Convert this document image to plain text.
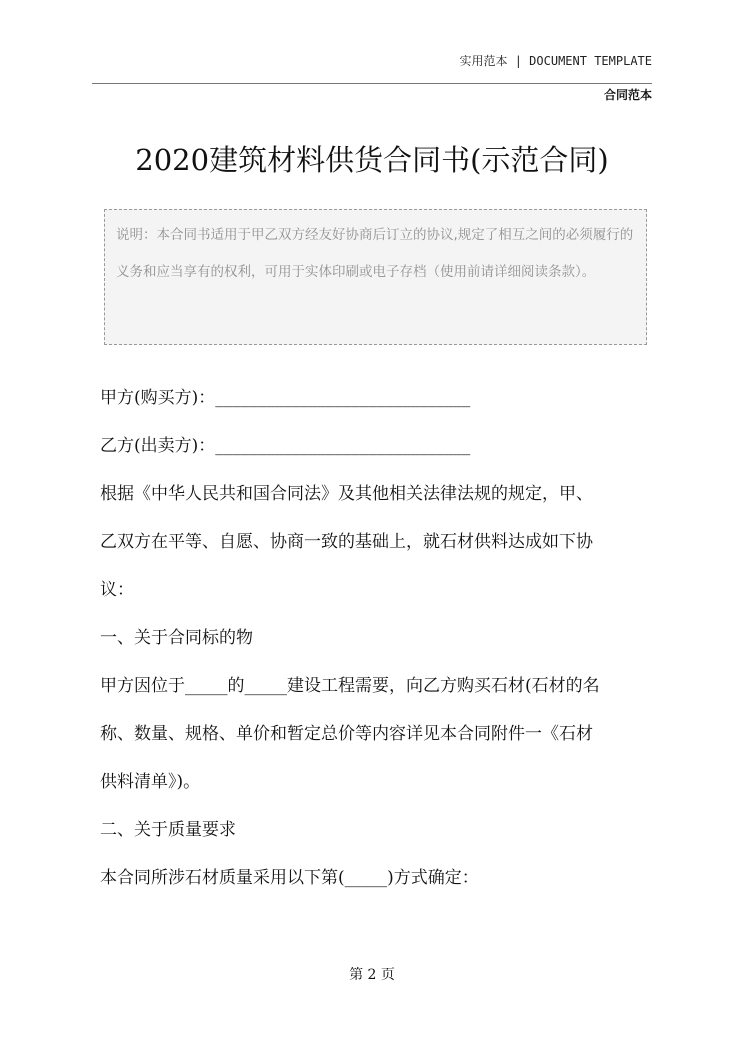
实用范本 | DOCUMENT TEMPLATE
合同范本
2020建筑材料供货合同书(示范合同)
说明：本合同书适用于甲乙双方经友好协商后订立的协议,规定了相互之间的必须履行的义务和应当享有的权利，可用于实体印刷或电子存档（使用前请详细阅读条款）。

甲方(购买方)：______________________________

乙方(出卖方)：______________________________

根据《中华人民共和国合同法》及其他相关法律法规的规定，甲、

乙双方在平等、自愿、协商一致的基础上，就石材供料达成如下协

议：

一、关于合同标的物

甲方因位于_____的_____建设工程需要，向乙方购买石材(石材的名

称、数量、规格、单价和暂定总价等内容详见本合同附件一《石材

供料清单》)。

二、关于质量要求

本合同所涉石材质量采用以下第(_____)方式确定：

第 2 页
